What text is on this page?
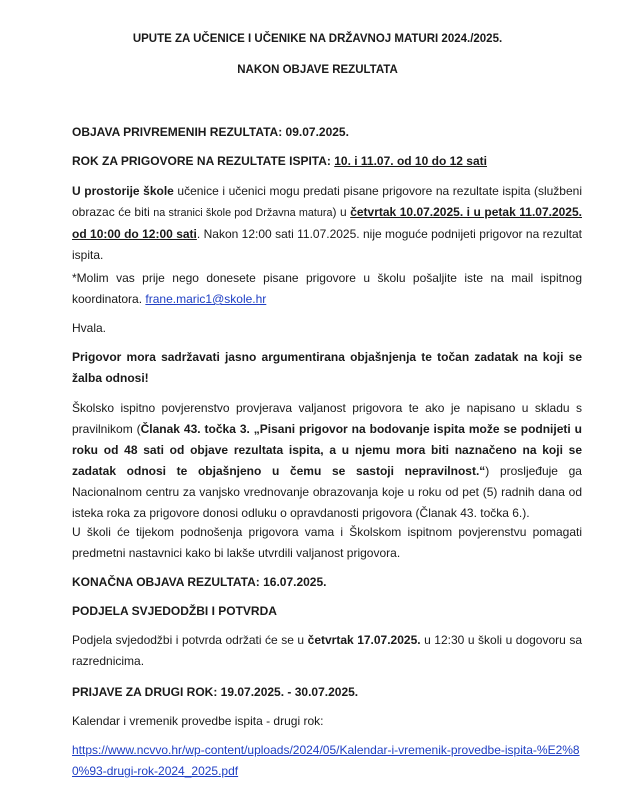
UPUTE ZA UČENICE I UČENIKE NA DRŽAVNOJ MATURI 2024./2025.
NAKON OBJAVE REZULTATA
OBJAVA PRIVREMENIH REZULTATA: 09.07.2025.
ROK ZA PRIGOVORE NA REZULTATE ISPITA: 10. i 11.07. od 10 do 12 sati
U prostorije škole učenice i učenici mogu predati pisane prigovore na rezultate ispita (službeni obrazac će biti na stranici škole pod Državna matura) u četvrtak 10.07.2025. i u petak 11.07.2025. od 10:00 do 12:00 sati. Nakon 12:00 sati 11.07.2025. nije moguće podnijeti prigovor na rezultat ispita.
*Molim vas prije nego donesete pisane prigovore u školu pošaljite iste na mail ispitnog koordinatora. frane.maric1@skole.hr
Hvala.
Prigovor mora sadržavati jasno argumentirana objašnjenja te točan zadatak na koji se žalba odnosi!
Školsko ispitno povjerenstvo provjerava valjanost prigovora te ako je napisano u skladu s pravilnikom (Članak 43. točka 3. „Pisani prigovor na bodovanje ispita može se podnijeti u roku od 48 sati od objave rezultata ispita, a u njemu mora biti naznačeno na koji se zadatak odnosi te objašnjeno u čemu se sastoji nepravilnost.“) prosljeđuje ga Nacionalnom centru za vanjsko vrednovanje obrazovanja koje u roku od pet (5) radnih dana od isteka roka za prigovore donosi odluku o opravdanosti prigovora (Članak 43. točka 6.).
U školi će tijekom podnošenja prigovora vama i Školskom ispitnom povjerenstvu pomagati predmetni nastavnici kako bi lakše utvrdili valjanost prigovora.
KONAČNA OBJAVA REZULTATA: 16.07.2025.
PODJELA SVJEDODŽBI I POTVRDA
Podjela svjedodžbi i potvrda održati će se u četvrtak 17.07.2025. u 12:30 u školi u dogovoru sa razrednicima.
PRIJAVE ZA DRUGI ROK: 19.07.2025. - 30.07.2025.
Kalendar i vremenik provedbe ispita - drugi rok:
https://www.ncvvo.hr/wp-content/uploads/2024/05/Kalendar-i-vremenik-provedbe-ispita-%E2%80%93-drugi-rok-2024_2025.pdf
